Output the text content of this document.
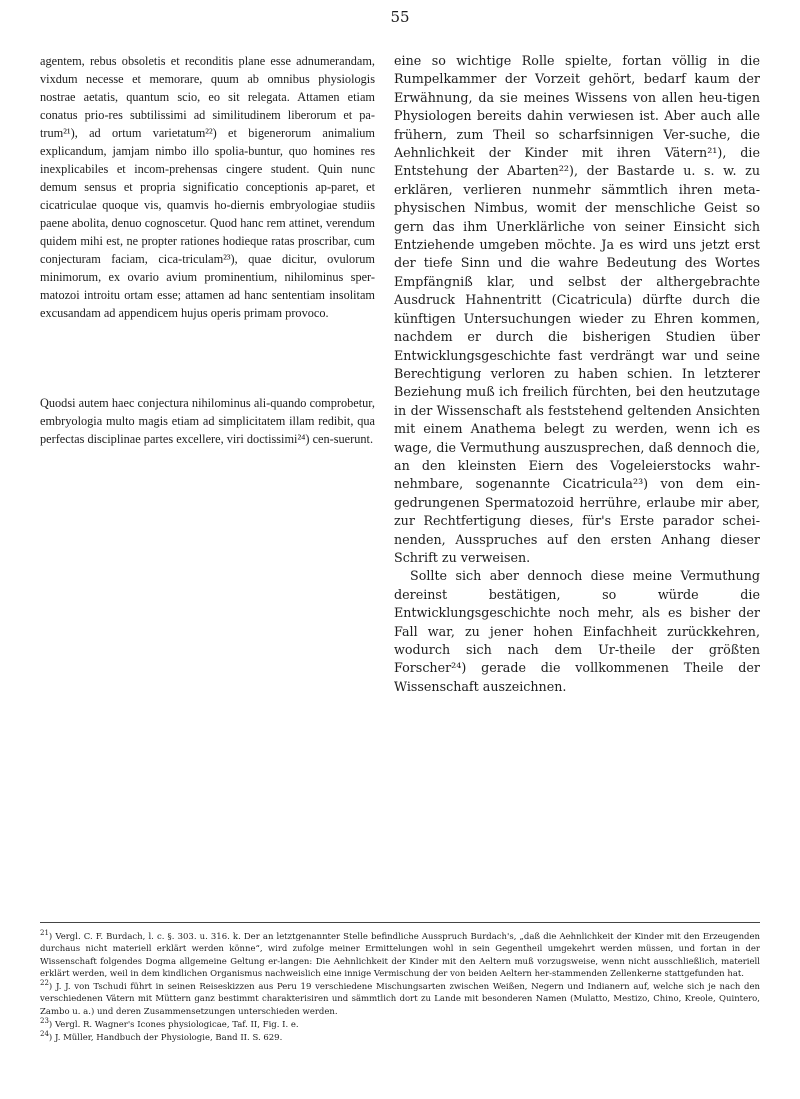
55

agentem, rebus obsoletis et reconditis plane esse adnumerandam, vixdum necesse et memorare, quum ab omnibus physiologis nostrae aetatis, quantum scio, eo sit relegata. Attamen etiam conatus prio-res subtilissimi ad similitudinem liberorum et pa-trum²¹), ad ortum varietatum²²) et bigenerorum animalium explicandum, jamjam nimbo illo spolia-buntur, quo homines res inexplicabiles et incom-prehensas cingere student. Quin nunc demum sensus et propria significatio conceptionis ap-paret, et cicatriculae quoque vis, quamvis ho-diernis embryologiae studiis paene abolita, denuo cognoscetur. Quod hanc rem attinet, verendum quidem mihi est, ne propter rationes hodieque ratas proscribar, cum conjecturam faciam, cica-triculam²³), quae dicitur, ovulorum minimorum, ex ovario avium prominentium, nihilominus sper-matozoi introitu ortam esse; attamen ad hanc sententiam insolitam excusandam ad appendicem hujus operis primam provoco.

Quodsi autem haec conjectura nihilominus ali-quando comprobetur, embryologia multo magis etiam ad simplicitatem illam redibit, qua perfectas disciplinae partes excellere, viri doctissimi²⁴) cen-suerunt.

eine so wichtige Rolle spielte, fortan völlig in die Rumpelkammer der Vorzeit gehört, bedarf kaum der Erwähnung, da sie meines Wissens von allen heu-tigen Physiologen bereits dahin verwiesen ist. Aber auch alle frühern, zum Theil so scharfsinnigen Ver-suche, die Aehnlichkeit der Kinder mit ihren Vätern²¹), die Entstehung der Abarten²²), der Bastarde u. s. w. zu erklären, verlieren nunmehr sämmtlich ihren meta-physischen Nimbus, womit der menschliche Geist so gern das ihm Unerklärliche von seiner Einsicht sich Entziehende umgeben möchte. Ja es wird uns jetzt erst der tiefe Sinn und die wahre Bedeutung des Wortes Empfängniß klar, und selbst der althergebrachte Ausdruck Hahnentritt (Cicatricula) dürfte durch die künftigen Untersuchungen wieder zu Ehren kommen, nachdem er durch die bisherigen Studien über Entwicklungsgeschichte fast verdrängt war und seine Berechtigung verloren zu haben schien. In letzterer Beziehung muß ich freilich fürchten, bei den heutzutage in der Wissenschaft als feststehend geltenden Ansichten mit einem Anathema belegt zu werden, wenn ich es wage, die Vermuthung auszusprechen, daß dennoch die, an den kleinsten Eiern des Vogeleierstocks wahr-nehmbare, sogenannte Cicatricula²³) von dem ein-gedrungenen Spermatozoid herrühre, erlaube mir aber, zur Rechtfertigung dieses, für's Erste parador schei-nenden, Ausspruches auf den ersten Anhang dieser Schrift zu verweisen.

Sollte sich aber dennoch diese meine Vermuthung dereinst bestätigen, so würde die Entwicklungsgeschichte noch mehr, als es bisher der Fall war, zu jener hohen Einfachheit zurückkehren, wodurch sich nach dem Ur-theile der größten Forscher²⁴) gerade die vollkommenen Theile der Wissenschaft auszeichnen.

$^{21}$) Vergl. C. F. Burdach, l. c. §. 303. u. 316. k. Der an letztgenannter Stelle befindliche Ausspruch Burdach's, „daß die Aehnlichkeit der Kinder mit den Erzeugenden durchaus nicht materiell erklärt werden könne“, wird zufolge meiner Ermittelungen wohl in sein Gegentheil umgekehrt werden müssen, und fortan in der Wissenschaft folgendes Dogma allgemeine Geltung er-langen: Die Aehnlichkeit der Kinder mit den Aeltern muß vorzugsweise, wenn nicht ausschließlich, materiell erklärt werden, weil in dem kindlichen Organismus nachweislich eine innige Vermischung der von beiden Aeltern her-stammenden Zellenkerne stattgefunden hat.

$^{22}$) J. J. von Tschudi führt in seinen Reiseskizzen aus Peru 19 verschiedene Mischungsarten zwischen Weißen, Negern und Indianern auf, welche sich je nach den verschiedenen Vätern mit Müttern ganz bestimmt charakterisiren und sämmtlich dort zu Lande mit besonderen Namen (Mulatto, Mestizo, Chino, Kreole, Quintero, Zambo u. a.) und deren Zusammensetzungen unterschieden werden.

$^{23}$) Vergl. R. Wagner's Icones physiologicae, Taf. II, Fig. I. e.

$^{24}$) J. Müller, Handbuch der Physiologie, Band II. S. 629.
